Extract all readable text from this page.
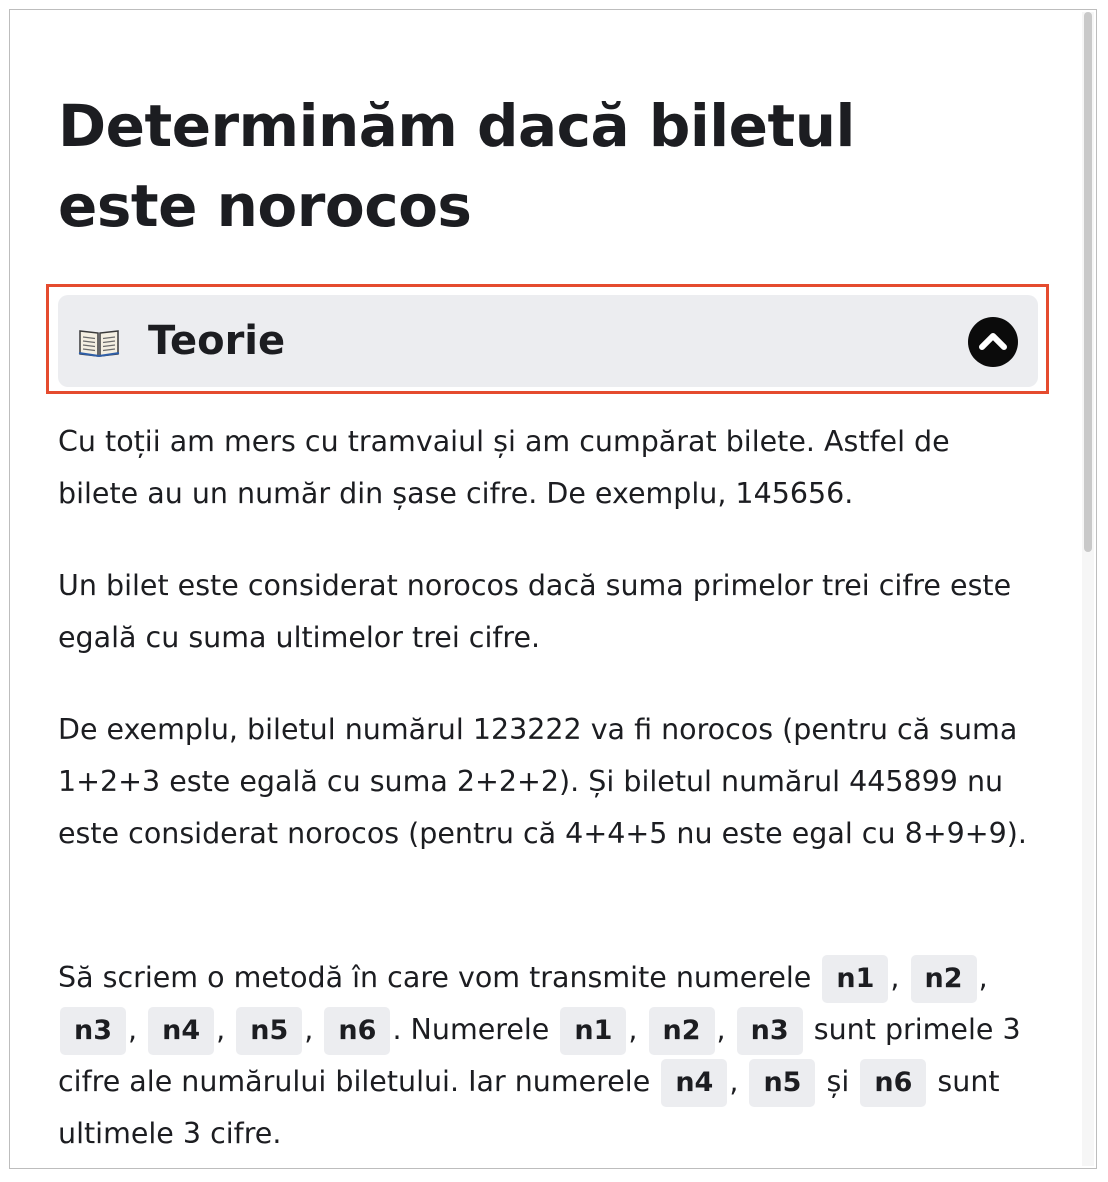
Determinăm dacă biletul este norocos
Teorie

Cu toții am mers cu tramvaiul și am cumpărat bilete. Astfel de bilete au un număr din șase cifre. De exemplu, 145656.

Un bilet este considerat norocos dacă suma primelor trei cifre este egală cu suma ultimelor trei cifre.

De exemplu, biletul numărul 123222 va fi norocos (pentru că suma 1+2+3 este egală cu suma 2+2+2). Și biletul numărul 445899 nu este considerat norocos (pentru că 4+4+5 nu este egal cu 8+9+9).

Să scriem o metodă în care vom transmite numerele n1 , n2 , n3 , n4 , n5 , n6 . Numerele n1 , n2 , n3 sunt primele 3 cifre ale numărului biletului. Iar numerele n4 , n5 și n6 sunt ultimele 3 cifre.
